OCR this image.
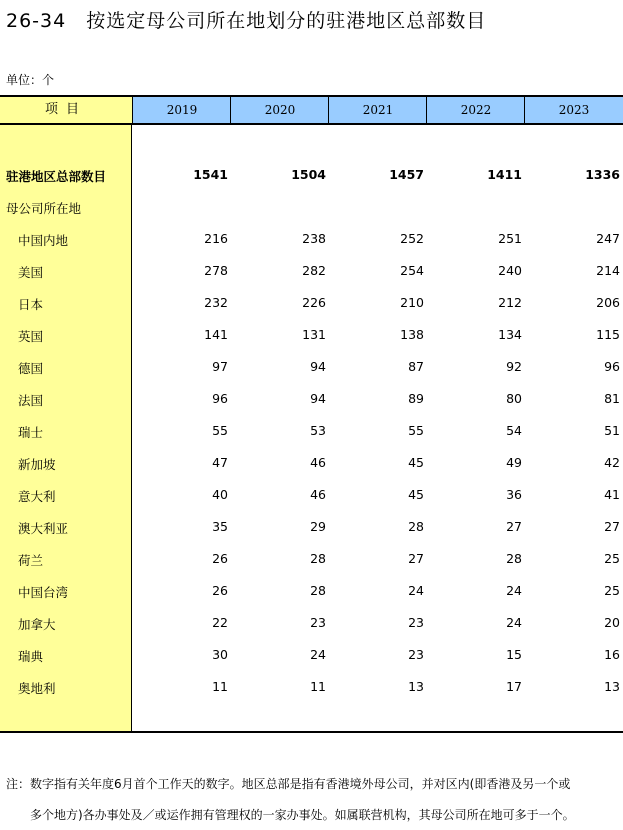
26-34　按选定母公司所在地划分的驻港地区总部数目
单位：个
项目	2019	2020	2021	2022	2023
驻港地区总部数目	1541	1504	1457	1411	1336
母公司所在地
中国内地	216	238	252	251	247
美国	278	282	254	240	214
日本	232	226	210	212	206
英国	141	131	138	134	115
德国	97	94	87	92	96
法国	96	94	89	80	81
瑞士	55	53	55	54	51
新加坡	47	46	45	49	42
意大利	40	46	45	36	41
澳大利亚	35	29	28	27	27
荷兰	26	28	27	28	25
中国台湾	26	28	24	24	25
加拿大	22	23	23	24	20
瑞典	30	24	23	15	16
奥地利	11	11	13	17	13
注：数字指有关年度6月首个工作天的数字。地区总部是指有香港境外母公司，并对区内(即香港及另一个或
多个地方)各办事处及／或运作拥有管理权的一家办事处。如属联营机构，其母公司所在地可多于一个。
